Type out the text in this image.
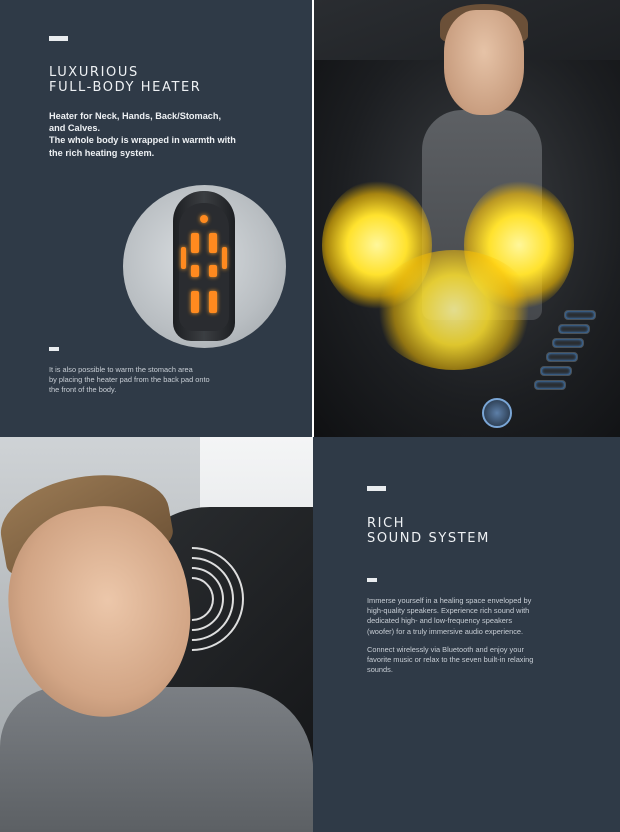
LUXURIOUS
FULL-BODY HEATER
Heater for Neck, Hands, Back/Stomach,
and Calves.
The whole body is wrapped in warmth with
the rich heating system.
It is also possible to warm the stomach area
by placing the heater pad from the back pad onto
the front of the body.
RICH
SOUND SYSTEM
Immerse yourself in a healing space enveloped by
high-quality speakers. Experience rich sound with
dedicated high- and low-frequency speakers
(woofer) for a truly immersive audio experience.
Connect wirelessly via Bluetooth and enjoy your
favorite music or relax to the seven built-in relaxing
sounds.
